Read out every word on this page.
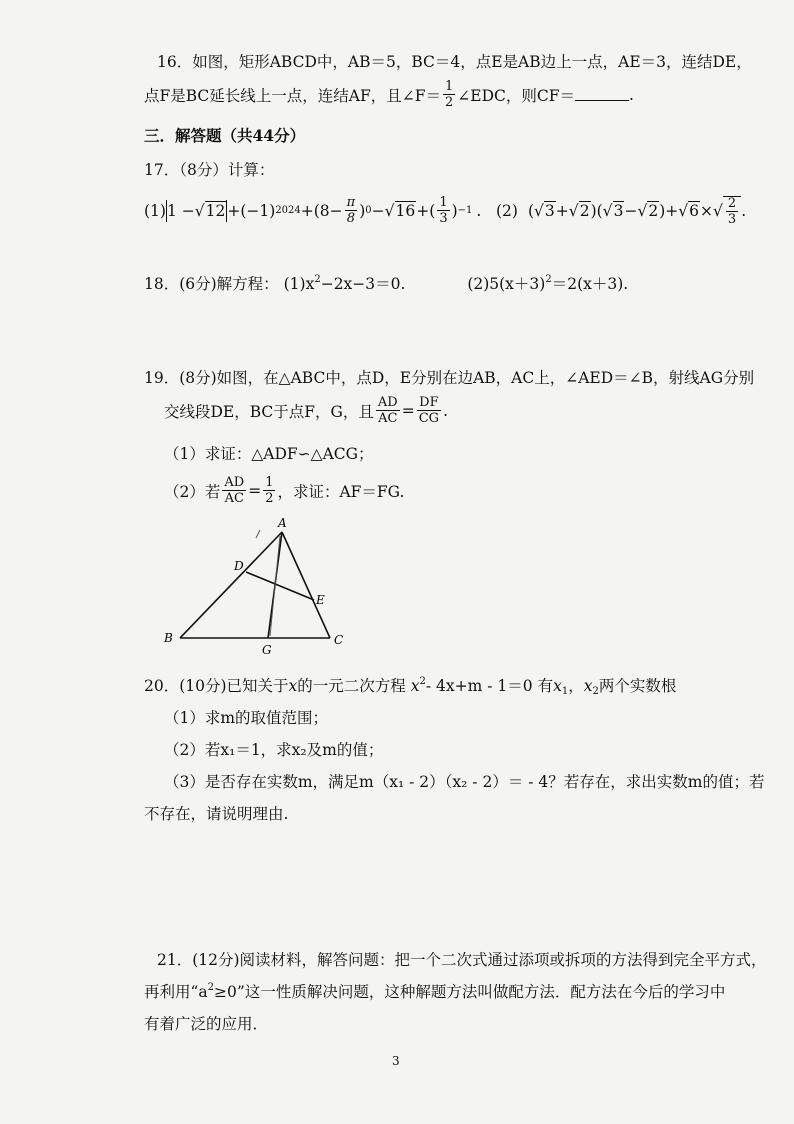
16．如图，矩形ABCD中，AB＝5，BC＝4，点E是AB边上一点，AE＝3，连结DE，
点F是BC延长线上一点，连结AF，且∠F＝ $\frac{1}{2}$ ∠EDC，则CF＝	.
三．解答题（共44分）
17．（8分）计算：
(1) 1 − √12 +(−1) $2024 +(8- \frac{\pi}{8}$ ) 0 − √16 +( $\frac{1}{3}$ ) −1 . (2) ( √3 + √2 )( √3 − √2 )+ √6 × √ $\frac{2}{3}$ .
18．(6分)解方程： $(1)x^2-2x-3=0$.	$(2)5(x+3)^2=2(x+3)$.
19．(8分)如图，在△ABC中，点D，E分别在边AB，AC上，∠AED＝∠B，射线AG分别
交线段DE，BC于点F，G，且 $\frac{AD}{AC} = \frac{DF}{CG}$ .
（1）求证：△ADF∽△ACG；
（2）若 $\frac{AD}{AC} = \frac{1}{2}$ ，求证：AF＝FG.
A
D
E
B	C
G
20．(10分)已知关于x的一元二次方程 $x^2-$ 4x+m - 1＝0 有$x_1$，$x_2$两个实数根
（1）求m的取值范围；
（2）若x₁＝1，求x₂及m的值；
（3）是否存在实数m，满足m（x₁ - 2）（x₂ - 2）＝ - 4？若存在，求出实数m的值；若
不存在，请说明理由.
21．(12分)阅读材料，解答问题：把一个二次式通过添项或拆项的方法得到完全平方式，
再利用“$a^2\ge 0$”这一性质解决问题，这种解题方法叫做配方法．配方法在今后的学习中
有着广泛的应用．
3
